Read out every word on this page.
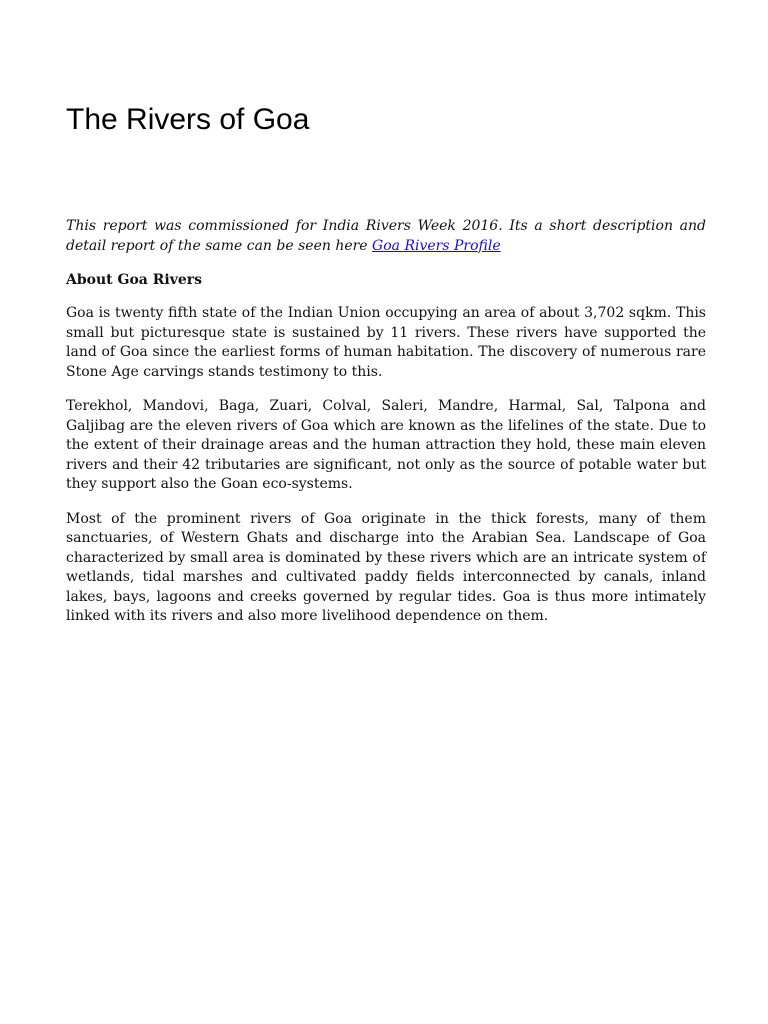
The Rivers of Goa

This report was commissioned for India Rivers Week 2016. Its a short description and detail report of the same can be seen here Goa Rivers Profile

About Goa Rivers

Goa is twenty fifth state of the Indian Union occupying an area of about 3,702 sqkm. This small but picturesque state is sustained by 11 rivers. These rivers have supported the land of Goa since the earliest forms of human habitation. The discovery of numerous rare Stone Age carvings stands testimony to this.

Terekhol, Mandovi, Baga, Zuari, Colval, Saleri, Mandre, Harmal, Sal, Talpona and Galjibag are the eleven rivers of Goa which are known as the lifelines of the state. Due to the extent of their drainage areas and the human attraction they hold, these main eleven rivers and their 42 tributaries are significant, not only as the source of potable water but they support also the Goan eco-systems.

Most of the prominent rivers of Goa originate in the thick forests, many of them sanctuaries, of Western Ghats and discharge into the Arabian Sea. Landscape of Goa characterized by small area is dominated by these rivers which are an intricate system of wetlands, tidal marshes and cultivated paddy fields interconnected by canals, inland lakes, bays, lagoons and creeks governed by regular tides. Goa is thus more intimately linked with its rivers and also more livelihood dependence on them.
